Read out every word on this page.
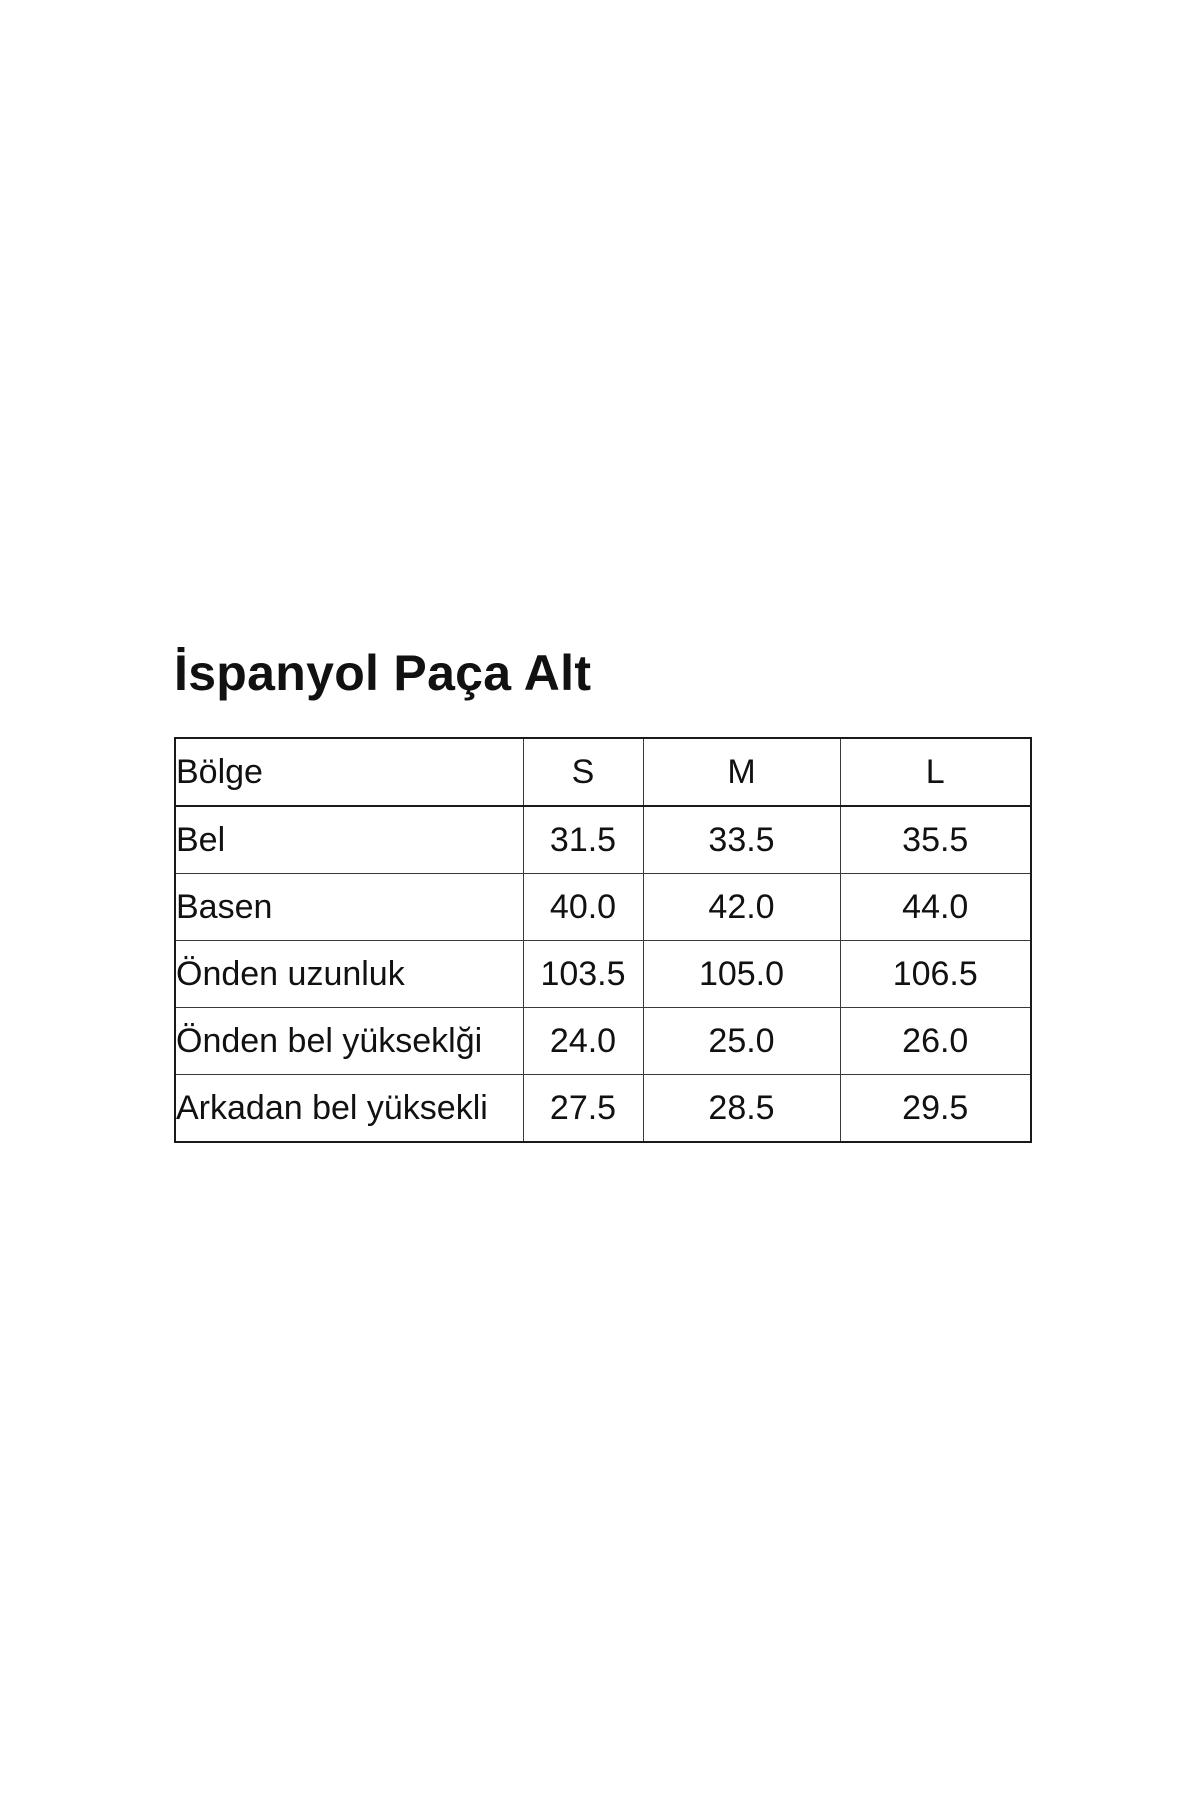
İspanyol Paça Alt
Bölge	S	M	L
Bel	31.5	33.5	35.5
Basen	40.0	42.0	44.0
Önden uzunluk	103.5	105.0	106.5
Önden bel yükseklği	24.0	25.0	26.0
Arkadan bel yüksekli	27.5	28.5	29.5
